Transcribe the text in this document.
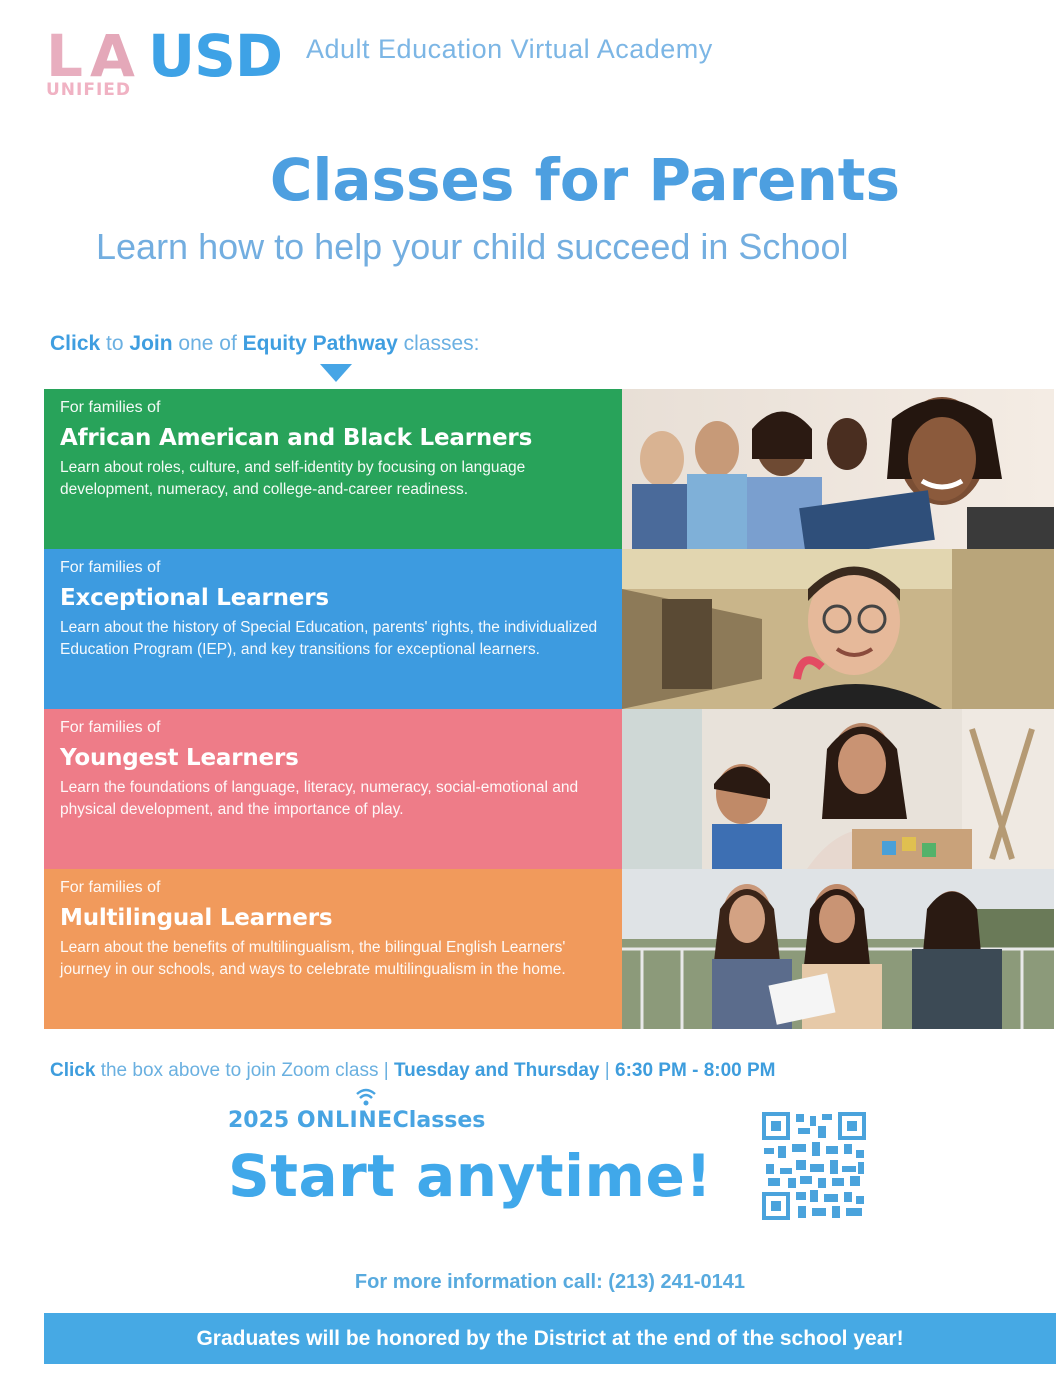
L A USD
UNIFIED
Adult Education Virtual Academy
Classes for Parents
Learn how to help your child succeed in School
Click to Join one of Equity Pathway classes:
For families of
African American and Black Learners
Learn about roles, culture, and self-identity by focusing on language development, numeracy, and college-and-career readiness.
For families of
Exceptional Learners
Learn about the history of Special Education, parents' rights, the individualized Education Program (IEP), and key transitions for exceptional learners.
For families of
Youngest Learners
Learn the foundations of language, literacy, numeracy, social-emotional and physical development, and the importance of play.
For families of
Multilingual Learners
Learn about the benefits of multilingualism, the bilingual English Learners' journey in our schools, and ways to celebrate multilingualism in the home.
Click the box above to join Zoom class | Tuesday and Thursday | 6:30 PM - 8:00 PM
2025 ONLINEClasses
Start anytime!
For more information call: (213) 241-0141
Graduates will be honored by the District at the end of the school year!
